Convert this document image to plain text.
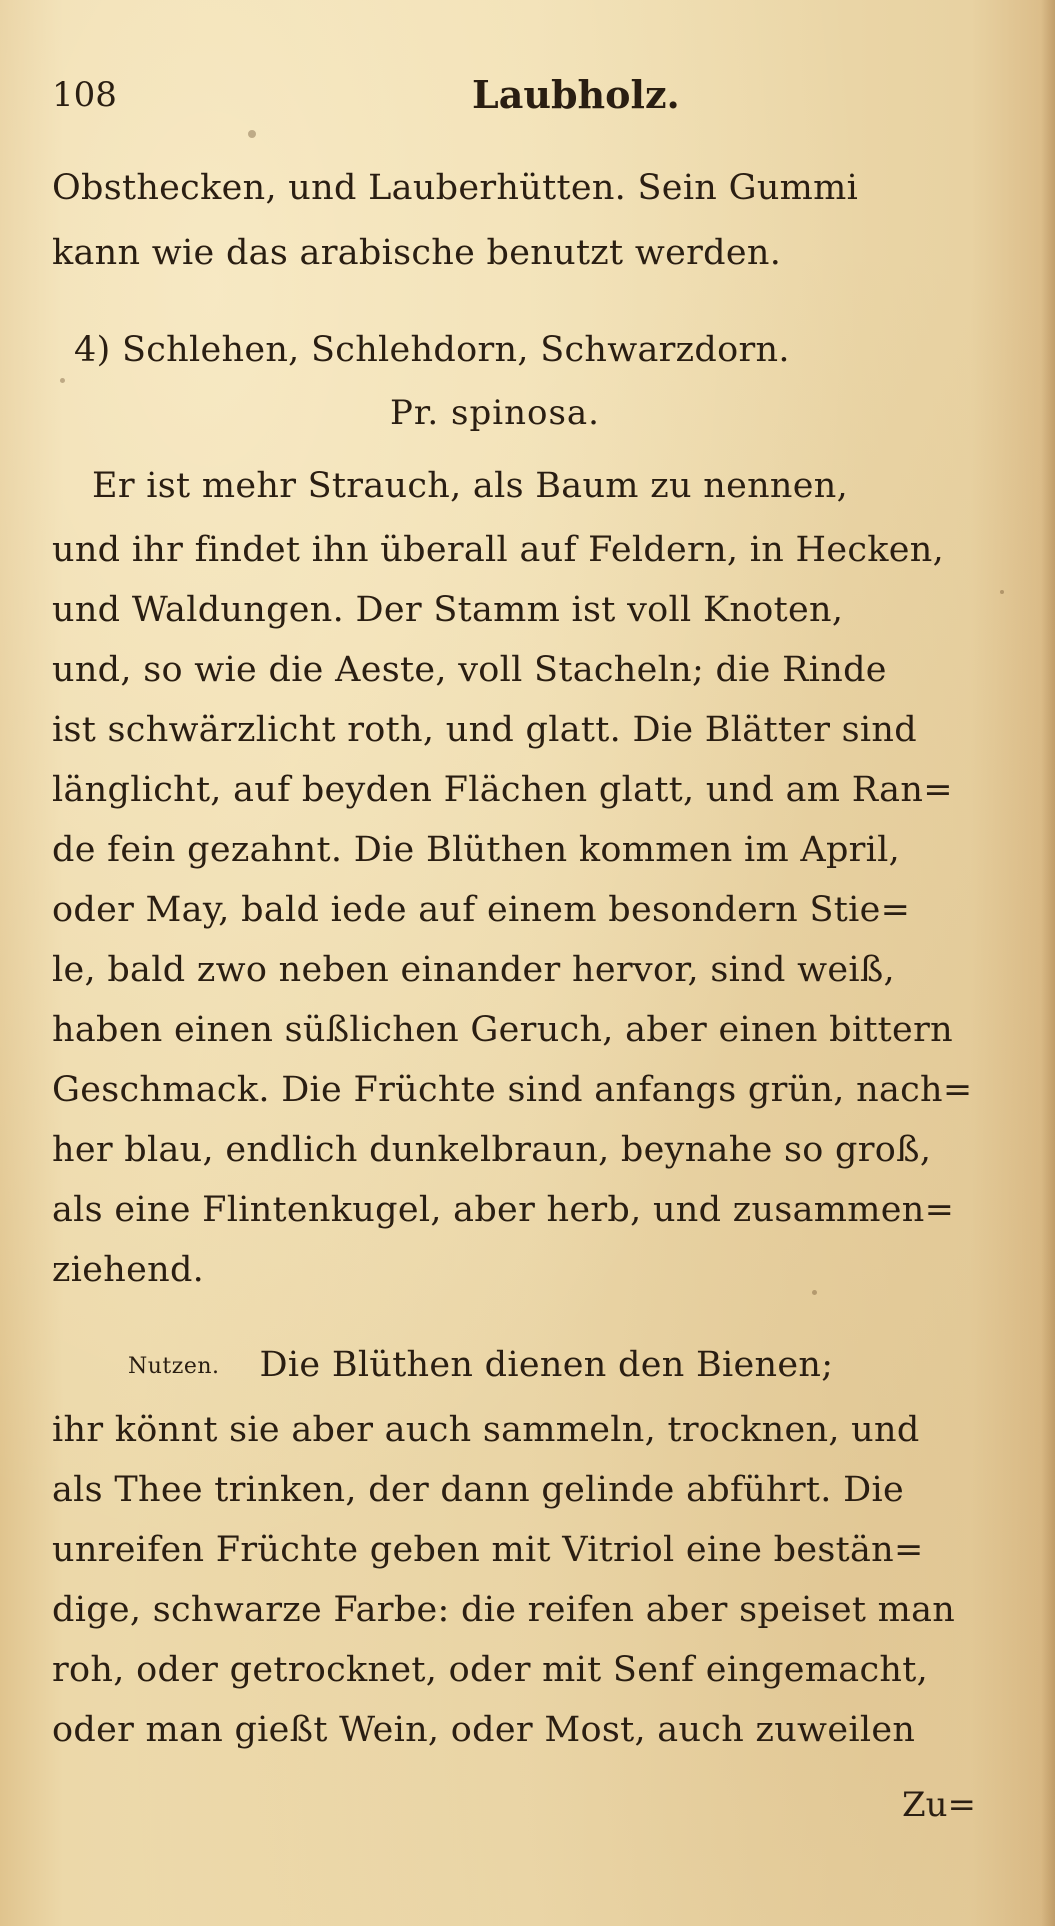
108	Laubholz.
Obsthecken, und Lauberhütten. Sein Gummi
kann wie das arabische benutzt werden.
4) Schlehen, Schlehdorn, Schwarzdorn.
Pr. spinosa.
Er ist mehr Strauch, als Baum zu nennen,
und ihr findet ihn überall auf Feldern, in Hecken,
und Waldungen. Der Stamm ist voll Knoten,
und, so wie die Aeste, voll Stacheln; die Rinde
ist schwärzlicht roth, und glatt. Die Blätter sind
länglicht, auf beyden Flächen glatt, und am Ran=
de fein gezahnt. Die Blüthen kommen im April,
oder May, bald iede auf einem besondern Stie=
le, bald zwo neben einander hervor, sind weiß,
haben einen süßlichen Geruch, aber einen bittern
Geschmack. Die Früchte sind anfangs grün, nach=
her blau, endlich dunkelbraun, beynahe so groß,
als eine Flintenkugel, aber herb, und zusammen=
ziehend.
Nutzen. Die Blüthen dienen den Bienen;
ihr könnt sie aber auch sammeln, trocknen, und
als Thee trinken, der dann gelinde abführt. Die
unreifen Früchte geben mit Vitriol eine bestän=
dige, schwarze Farbe: die reifen aber speiset man
roh, oder getrocknet, oder mit Senf eingemacht,
oder man gießt Wein, oder Most, auch zuweilen
Zu=
